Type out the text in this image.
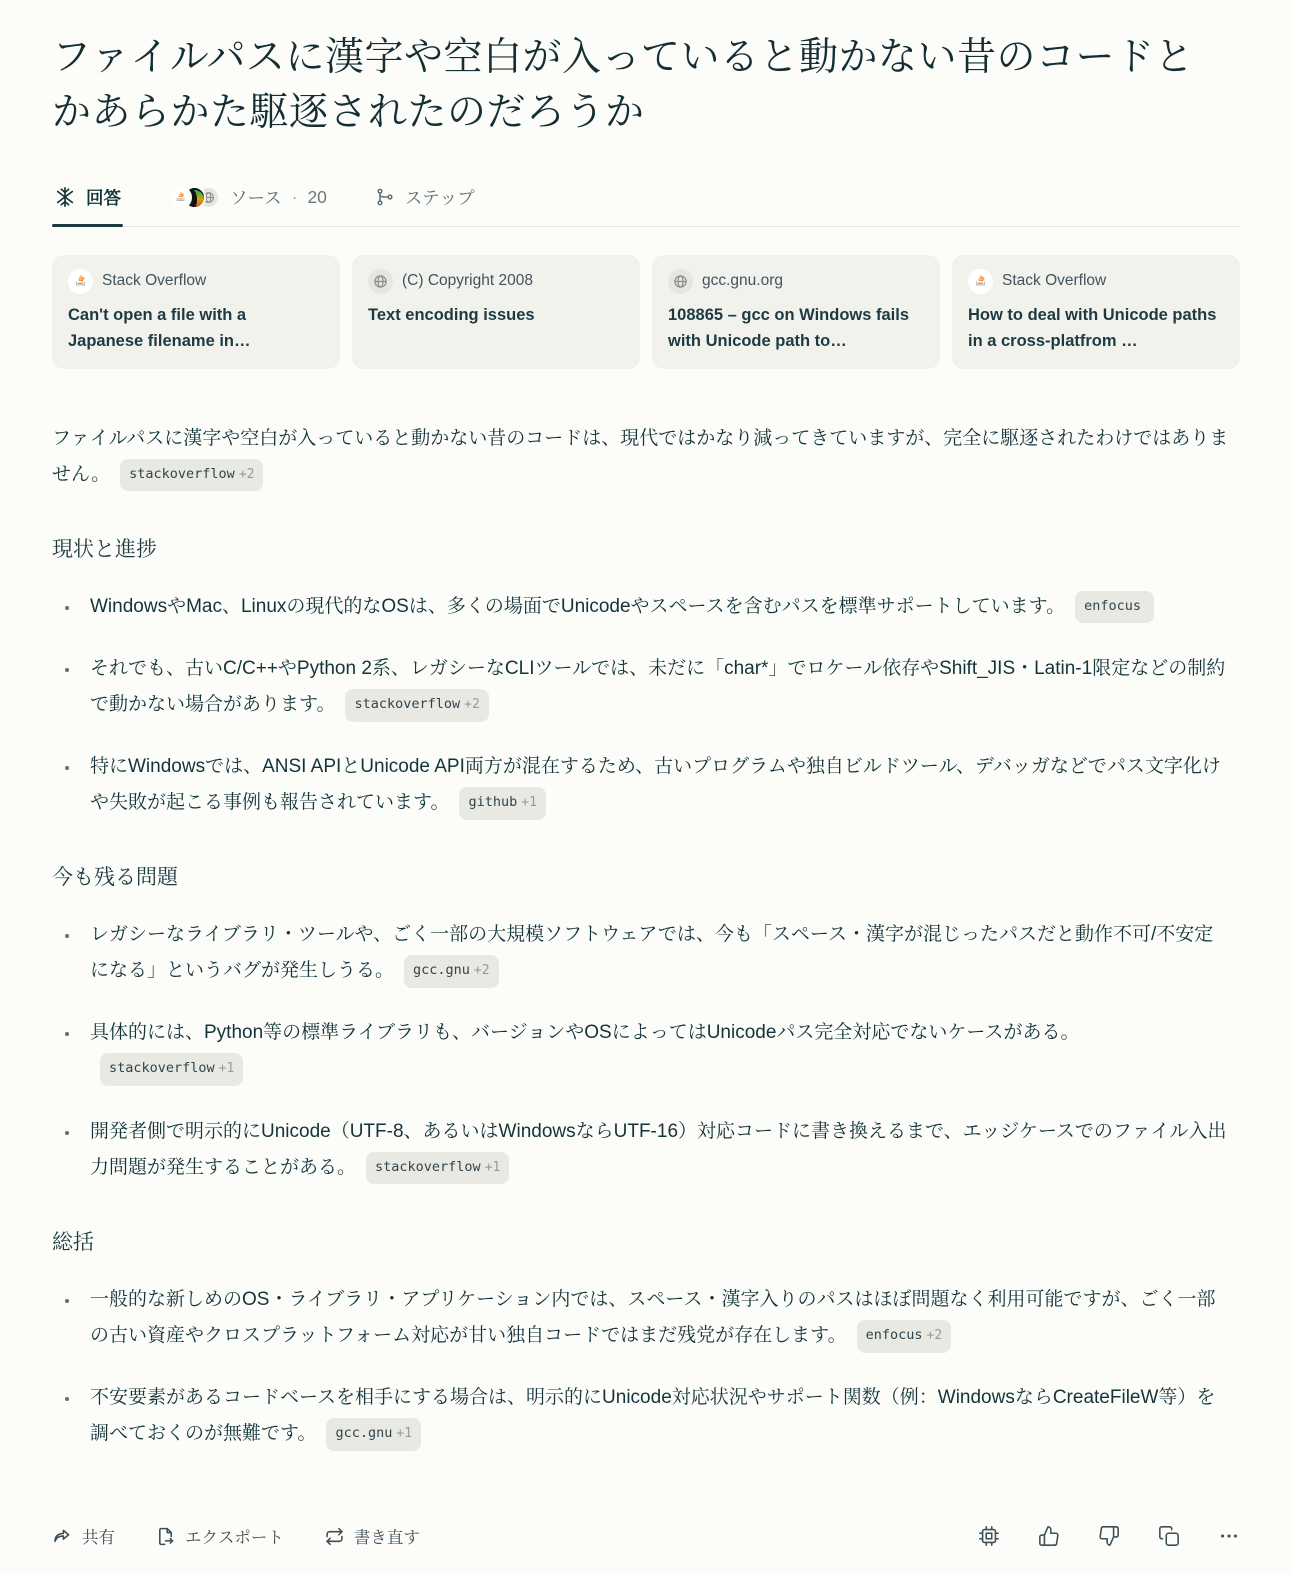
ファイルパスに漢字や空白が入っていると動かない昔のコードとかあらかた駆逐されたのだろうか
回答	ソース · 20	ステップ
Stack Overflow
Can't open a file with a Japanese filename in…
(C) Copyright 2008
Text encoding issues
gcc.gnu.org
108865 – gcc on Windows fails with Unicode path to…
Stack Overflow
How to deal with Unicode paths in a cross-platfrom …

ファイルパスに漢字や空白が入っていると動かない昔のコードは、現代ではかなり減ってきていますが、完全に駆逐されたわけではありません。 stackoverflow +2

現状と進捗
• WindowsやMac、Linuxの現代的なOSは、多くの場面でUnicodeやスペースを含むパスを標準サポートしています。 enfocus
• それでも、古いC/C++やPython 2系、レガシーなCLIツールでは、未だに「char*」でロケール依存やShift_JIS・Latin-1限定などの制約で動かない場合があります。 stackoverflow +2
• 特にWindowsでは、ANSI APIとUnicode API両方が混在するため、古いプログラムや独自ビルドツール、デバッガなどでパス文字化けや失敗が起こる事例も報告されています。 github +1
今も残る問題
• レガシーなライブラリ・ツールや、ごく一部の大規模ソフトウェアでは、今も「スペース・漢字が混じったパスだと動作不可/不安定になる」というバグが発生しうる。 gcc.gnu +2
• 具体的には、Python等の標準ライブラリも、バージョンやOSによってはUnicodeパス完全対応でないケースがある。
stackoverflow +1
• 開発者側で明示的にUnicode（UTF-8、あるいはWindowsならUTF-16）対応コードに書き換えるまで、エッジケースでのファイル入出力問題が発生することがある。 stackoverflow +1
総括
• 一般的な新しめのOS・ライブラリ・アプリケーション内では、スペース・漢字入りのパスはほぼ問題なく利用可能ですが、ごく一部の古い資産やクロスプラットフォーム対応が甘い独自コードではまだ残党が存在します。 enfocus +2
• 不安要素があるコードベースを相手にする場合は、明示的にUnicode対応状況やサポート関数（例：WindowsならCreateFileW等）を調べておくのが無難です。 gcc.gnu +1
共有	エクスポート	書き直す
